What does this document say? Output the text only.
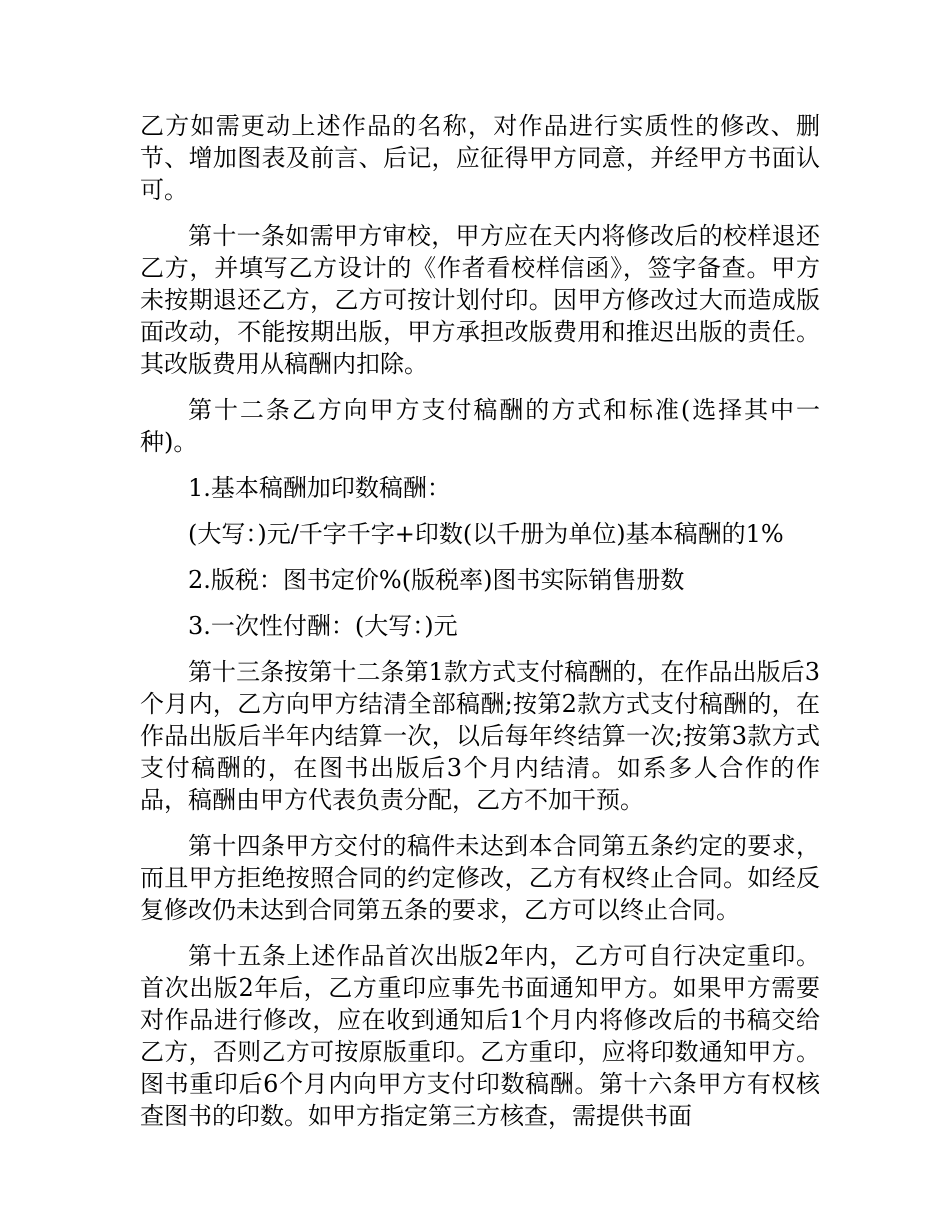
乙方如需更动上述作品的名称，对作品进行实质性的修改、删节、增加图表及前言、后记，应征得甲方同意，并经甲方书面认可。

第十一条如需甲方审校，甲方应在天内将修改后的校样退还乙方，并填写乙方设计的《作者看校样信函》，签字备查。甲方未按期退还乙方，乙方可按计划付印。因甲方修改过大而造成版面改动，不能按期出版，甲方承担改版费用和推迟出版的责任。其改版费用从稿酬内扣除。

第十二条乙方向甲方支付稿酬的方式和标准(选择其中一种)。

1.基本稿酬加印数稿酬：

(大写：)元/千字千字+印数(以千册为单位)基本稿酬的1%

2.版税：图书定价%(版税率)图书实际销售册数

3.一次性付酬：(大写：)元

第十三条按第十二条第1款方式支付稿酬的，在作品出版后3个月内，乙方向甲方结清全部稿酬;按第2款方式支付稿酬的，在作品出版后半年内结算一次，以后每年终结算一次;按第3款方式支付稿酬的，在图书出版后3个月内结清。如系多人合作的作品，稿酬由甲方代表负责分配，乙方不加干预。

第十四条甲方交付的稿件未达到本合同第五条约定的要求，而且甲方拒绝按照合同的约定修改，乙方有权终止合同。如经反复修改仍未达到合同第五条的要求，乙方可以终止合同。

第十五条上述作品首次出版2年内，乙方可自行决定重印。首次出版2年后，乙方重印应事先书面通知甲方。如果甲方需要对作品进行修改，应在收到通知后1个月内将修改后的书稿交给乙方，否则乙方可按原版重印。乙方重印，应将印数通知甲方。图书重印后6个月内向甲方支付印数稿酬。第十六条甲方有权核查图书的印数。如甲方指定第三方核查，需提供书面
